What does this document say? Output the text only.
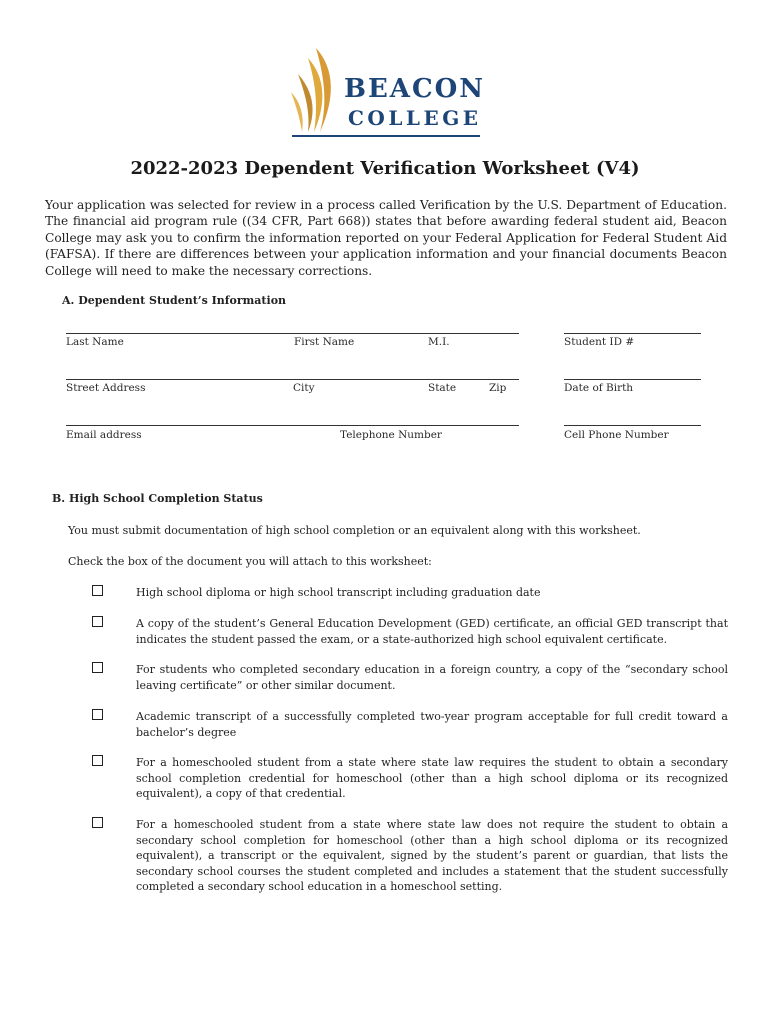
BEACON
COLLEGE
2022-2023 Dependent Verification Worksheet (V4)
Your application was selected for review in a process called Verification by the U.S. Department of Education. The financial aid program rule ((34 CFR, Part 668)) states that before awarding federal student aid, Beacon College may ask you to confirm the information reported on your Federal Application for Federal Student Aid (FAFSA). If there are differences between your application information and your financial documents Beacon College will need to make the necessary corrections.
A. Dependent Student’s Information
Last Name	First Name	M.I.	Student ID #
Street Address	City	State	Zip	Date of Birth
Email address	Telephone Number	Cell Phone Number
B. High School Completion Status
You must submit documentation of high school completion or an equivalent along with this worksheet.
Check the box of the document you will attach to this worksheet:
High school diploma or high school transcript including graduation date
A copy of the student’s General Education Development (GED) certificate, an official GED transcript that indicates the student passed the exam, or a state-authorized high school equivalent certificate.
For students who completed secondary education in a foreign country, a copy of the “secondary school leaving certificate” or other similar document.
Academic transcript of a successfully completed two-year program acceptable for full credit toward a bachelor’s degree
For a homeschooled student from a state where state law requires the student to obtain a secondary school completion credential for homeschool (other than a high school diploma or its recognized equivalent), a copy of that credential.
For a homeschooled student from a state where state law does not require the student to obtain a secondary school completion for homeschool (other than a high school diploma or its recognized equivalent), a transcript or the equivalent, signed by the student’s parent or guardian, that lists the secondary school courses the student completed and includes a statement that the student successfully completed a secondary school education in a homeschool setting.
